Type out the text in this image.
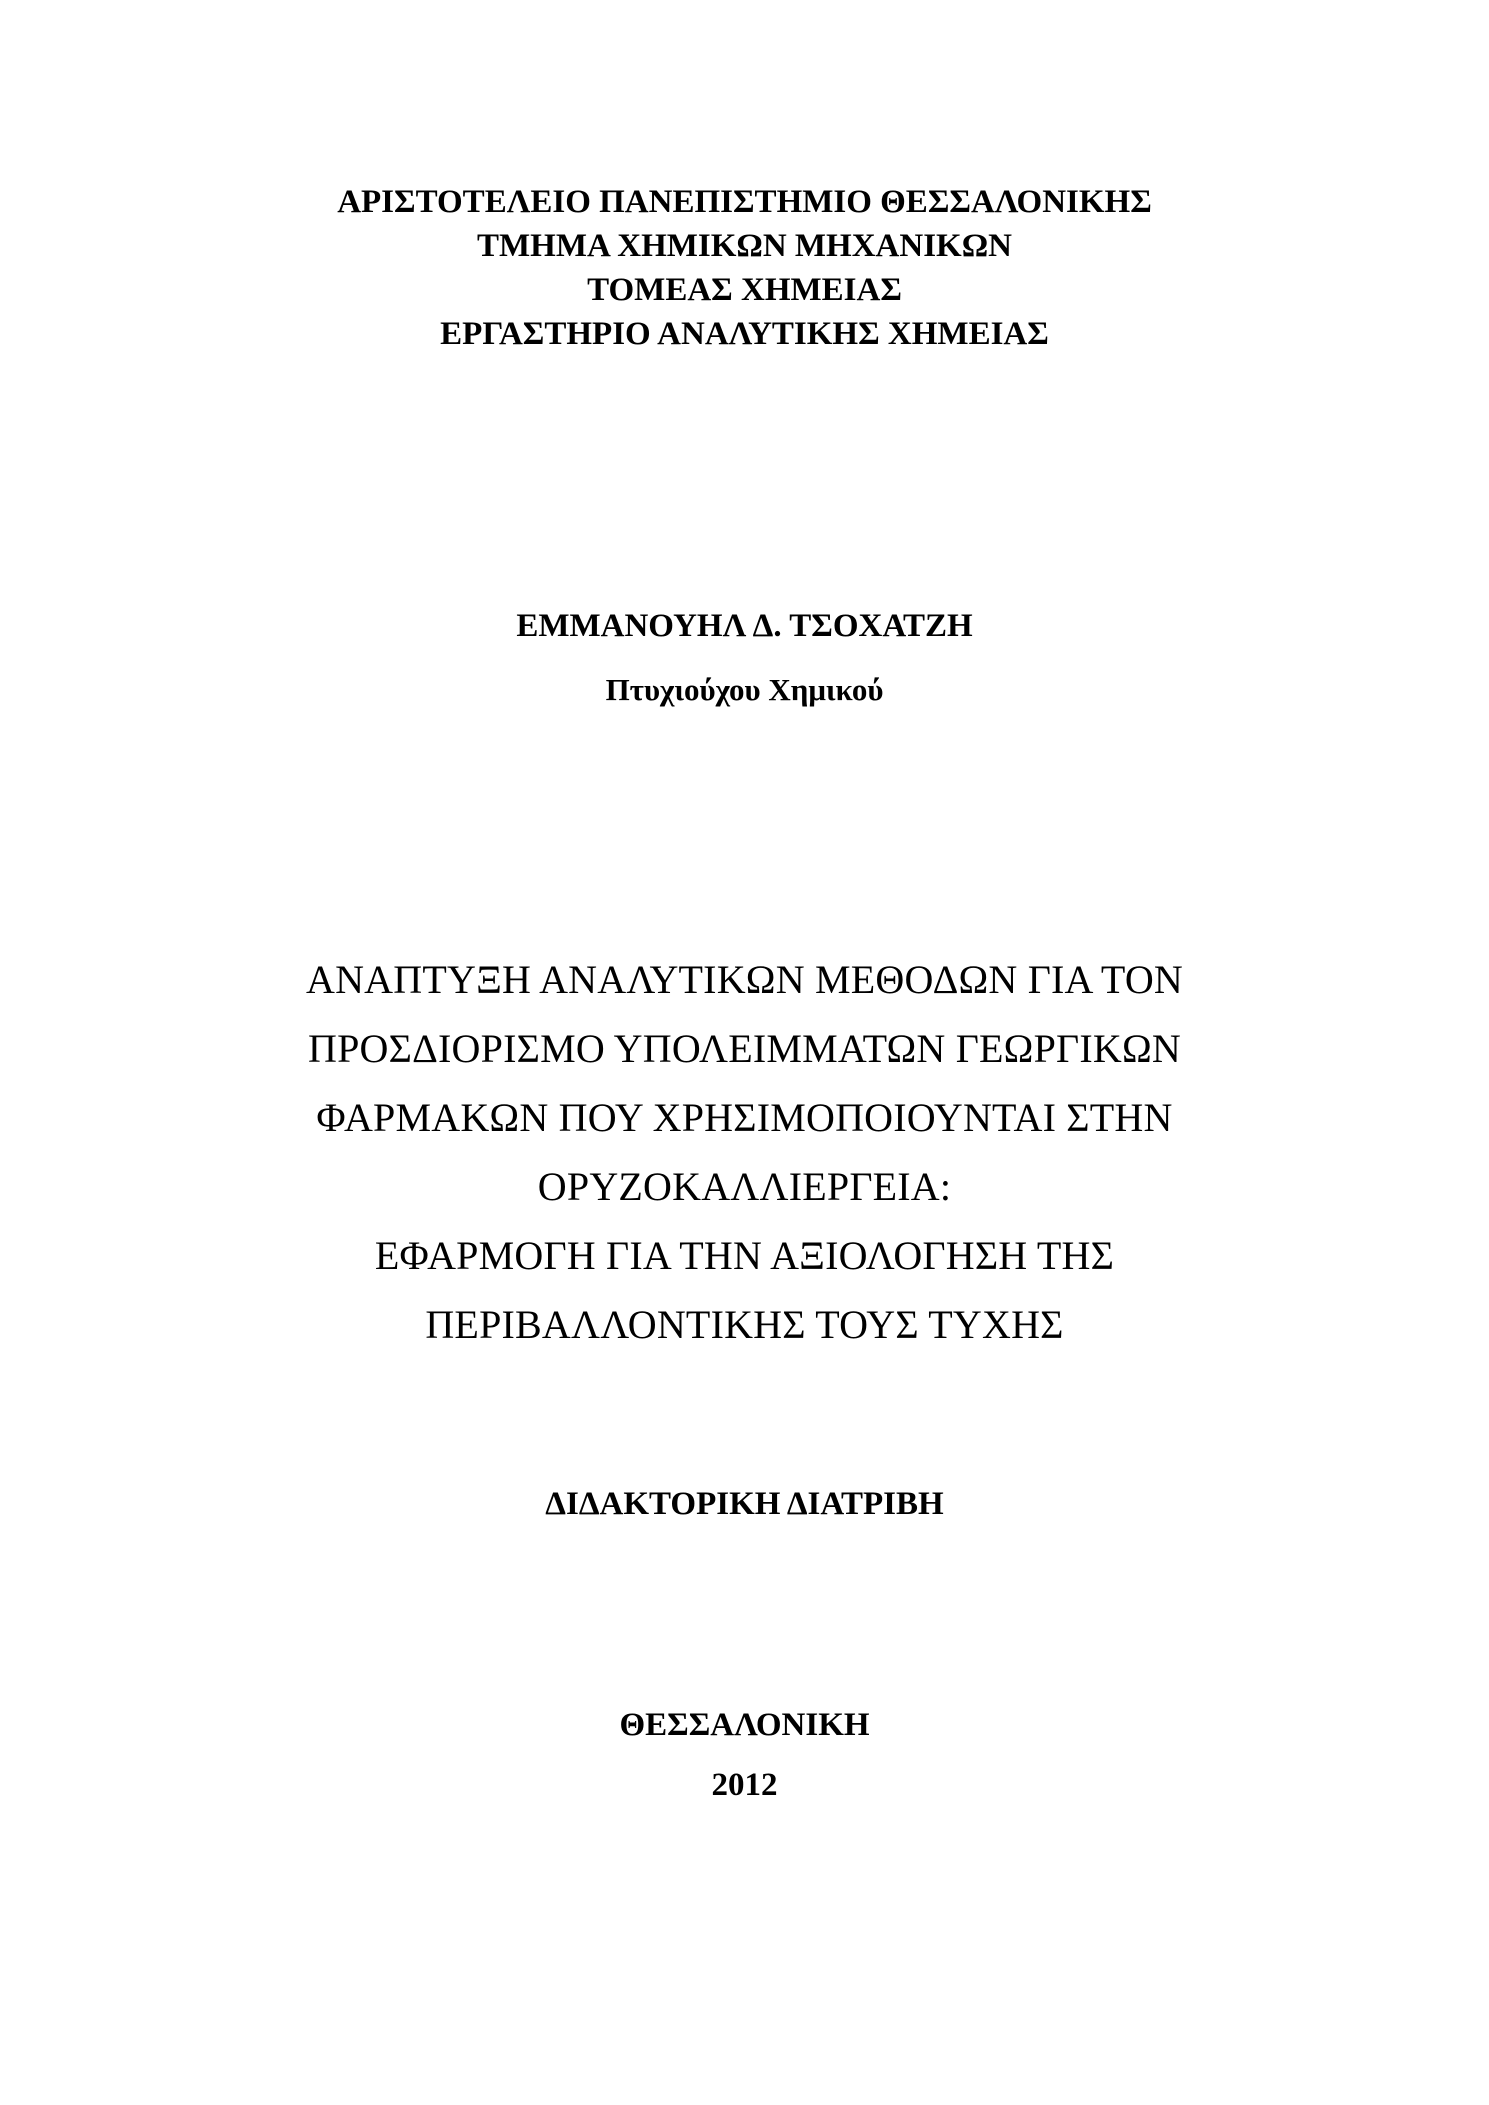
ΑΡΙΣΤΟΤΕΛΕΙΟ ΠΑΝΕΠΙΣΤΗΜΙΟ ΘΕΣΣΑΛΟΝΙΚΗΣ
ΤΜΗΜΑ ΧΗΜΙΚΩΝ ΜΗΧΑΝΙΚΩΝ
ΤΟΜΕΑΣ ΧΗΜΕΙΑΣ
ΕΡΓΑΣΤΗΡΙΟ ΑΝΑΛΥΤΙΚΗΣ ΧΗΜΕΙΑΣ
ΕΜΜΑΝΟΥΗΛ Δ. ΤΣΟΧΑΤΖΗ
Πτυχιούχου Χημικού
ΑΝΑΠΤΥΞΗ ΑΝΑΛΥΤΙΚΩΝ ΜΕΘΟΔΩΝ ΓΙΑ ΤΟΝ
ΠΡΟΣΔΙΟΡΙΣΜΟ ΥΠΟΛΕΙΜΜΑΤΩΝ ΓΕΩΡΓΙΚΩΝ
ΦΑΡΜΑΚΩΝ ΠΟΥ ΧΡΗΣΙΜΟΠΟΙΟΥΝΤΑΙ ΣΤΗΝ
ΟΡΥΖΟΚΑΛΛΙΕΡΓΕΙΑ:
ΕΦΑΡΜΟΓΗ ΓΙΑ ΤΗΝ ΑΞΙΟΛΟΓΗΣΗ ΤΗΣ
ΠΕΡΙΒΑΛΛΟΝΤΙΚΗΣ ΤΟΥΣ ΤΥΧΗΣ
ΔΙΔΑΚΤΟΡΙΚΗ ΔΙΑΤΡΙΒΗ
ΘΕΣΣΑΛΟΝΙΚΗ
2012
